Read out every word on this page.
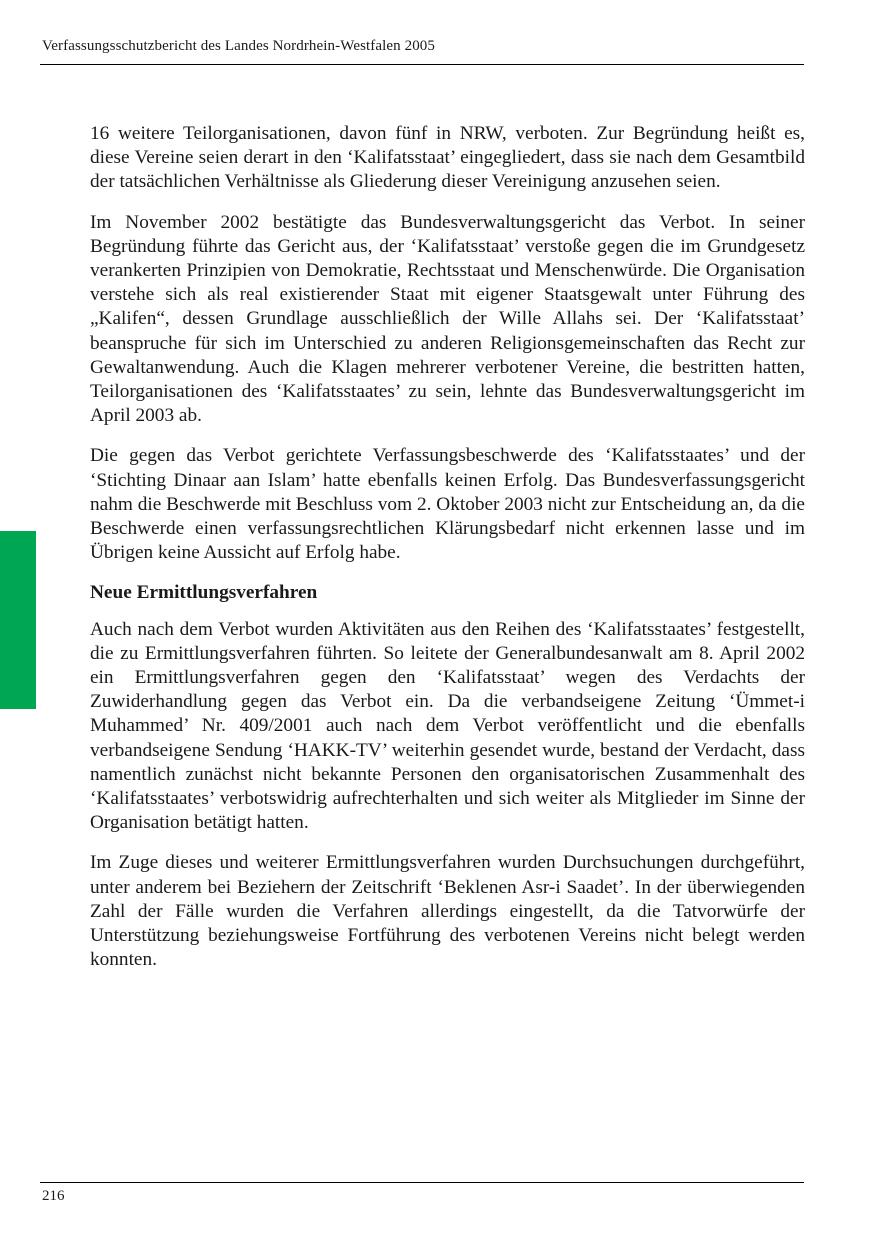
Verfassungsschutzbericht des Landes Nordrhein-Westfalen 2005

16 weitere Teilorganisationen, davon fünf in NRW, verboten. Zur Begründung heißt es, diese Vereine seien derart in den ‘Kalifatsstaat’ eingegliedert, dass sie nach dem Gesamtbild der tatsächlichen Verhältnisse als Gliederung dieser Vereinigung anzusehen seien.

Im November 2002 bestätigte das Bundesverwaltungsgericht das Verbot. In seiner Begründung führte das Gericht aus, der ‘Kalifatsstaat’ verstoße gegen die im Grundgesetz verankerten Prinzipien von Demokratie, Rechtsstaat und Menschenwürde. Die Organisation verstehe sich als real existierender Staat mit eigener Staatsgewalt unter Führung des „Kalifen“, dessen Grundlage ausschließlich der Wille Allahs sei. Der ‘Kalifatsstaat’ beanspruche für sich im Unterschied zu anderen Religionsgemeinschaften das Recht zur Gewaltanwendung. Auch die Klagen mehrerer verbotener Vereine, die bestritten hatten, Teilorganisationen des ‘Kalifatsstaates’ zu sein, lehnte das Bundesverwaltungsgericht im April 2003 ab.

Die gegen das Verbot gerichtete Verfassungsbeschwerde des ‘Kalifatsstaates’ und der ‘Stichting Dinaar aan Islam’ hatte ebenfalls keinen Erfolg. Das Bundesverfassungsgericht nahm die Beschwerde mit Beschluss vom 2. Oktober 2003 nicht zur Entscheidung an, da die Beschwerde einen verfassungsrechtlichen Klärungsbedarf nicht erkennen lasse und im Übrigen keine Aussicht auf Erfolg habe.

Neue Ermittlungsverfahren

Auch nach dem Verbot wurden Aktivitäten aus den Reihen des ‘Kalifatsstaates’ festgestellt, die zu Ermittlungsverfahren führten. So leitete der Generalbundesanwalt am 8. April 2002 ein Ermittlungsverfahren gegen den ‘Kalifatsstaat’ wegen des Verdachts der Zuwiderhandlung gegen das Verbot ein. Da die verbandseigene Zeitung ‘Ümmet-i Muhammed’ Nr. 409/2001 auch nach dem Verbot veröffentlicht und die ebenfalls verbandseigene Sendung ‘HAKK-TV’ weiterhin gesendet wurde, bestand der Verdacht, dass namentlich zunächst nicht bekannte Personen den organisatorischen Zusammenhalt des ‘Kalifatsstaates’ verbotswidrig aufrechterhalten und sich weiter als Mitglieder im Sinne der Organisation betätigt hatten.

Im Zuge dieses und weiterer Ermittlungsverfahren wurden Durchsuchungen durchgeführt, unter anderem bei Beziehern der Zeitschrift ‘Beklenen Asr-i Saadet’. In der überwiegenden Zahl der Fälle wurden die Verfahren allerdings eingestellt, da die Tatvorwürfe der Unterstützung beziehungsweise Fortführung des verbotenen Vereins nicht belegt werden konnten.

216
